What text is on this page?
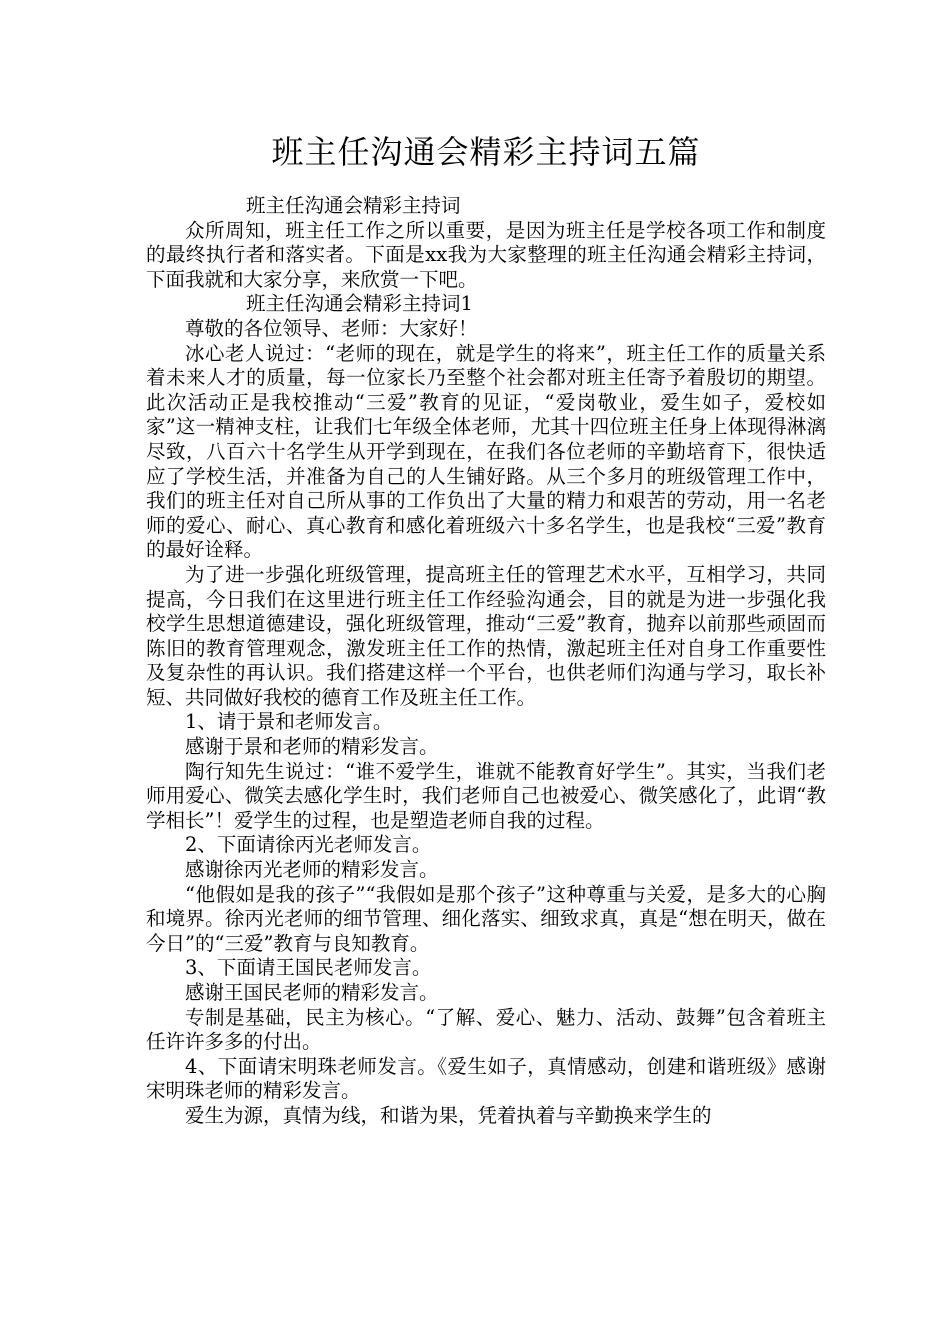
班主任沟通会精彩主持词五篇

班主任沟通会精彩主持词

众所周知，班主任工作之所以重要，是因为班主任是学校各项工作和制度的最终执行者和落实者。下面是xx我为大家整理的班主任沟通会精彩主持词，下面我就和大家分享，来欣赏一下吧。

班主任沟通会精彩主持词1

尊敬的各位领导、老师：大家好！

冰心老人说过：“老师的现在，就是学生的将来”，班主任工作的质量关系着未来人才的质量，每一位家长乃至整个社会都对班主任寄予着殷切的期望。此次活动正是我校推动“三爱”教育的见证，“爱岗敬业，爱生如子，爱校如家”这一精神支柱，让我们七年级全体老师，尤其十四位班主任身上体现得淋漓尽致，八百六十名学生从开学到现在，在我们各位老师的辛勤培育下，很快适应了学校生活，并准备为自己的人生铺好路。从三个多月的班级管理工作中，我们的班主任对自己所从事的工作负出了大量的精力和艰苦的劳动，用一名老师的爱心、耐心、真心教育和感化着班级六十多名学生，也是我校“三爱”教育的最好诠释。

为了进一步强化班级管理，提高班主任的管理艺术水平，互相学习，共同提高，今日我们在这里进行班主任工作经验沟通会，目的就是为进一步强化我校学生思想道德建设，强化班级管理，推动“三爱”教育，抛弃以前那些顽固而陈旧的教育管理观念，激发班主任工作的热情，激起班主任对自身工作重要性及复杂性的再认识。我们搭建这样一个平台，也供老师们沟通与学习，取长补短、共同做好我校的德育工作及班主任工作。

1、请于景和老师发言。

感谢于景和老师的精彩发言。

陶行知先生说过：“谁不爱学生，谁就不能教育好学生”。其实，当我们老师用爱心、微笑去感化学生时，我们老师自己也被爱心、微笑感化了，此谓“教学相长”！爱学生的过程，也是塑造老师自我的过程。

2、下面请徐丙光老师发言。

感谢徐丙光老师的精彩发言。

“他假如是我的孩子”“我假如是那个孩子”这种尊重与关爱，是多大的心胸和境界。徐丙光老师的细节管理、细化落实、细致求真，真是“想在明天，做在今日”的“三爱”教育与良知教育。

3、下面请王国民老师发言。

感谢王国民老师的精彩发言。

专制是基础，民主为核心。“了解、爱心、魅力、活动、鼓舞”包含着班主任许许多多的付出。

4、下面请宋明珠老师发言。《爱生如子，真情感动，创建和谐班级》感谢宋明珠老师的精彩发言。

爱生为源，真情为线，和谐为果，凭着执着与辛勤换来学生的
